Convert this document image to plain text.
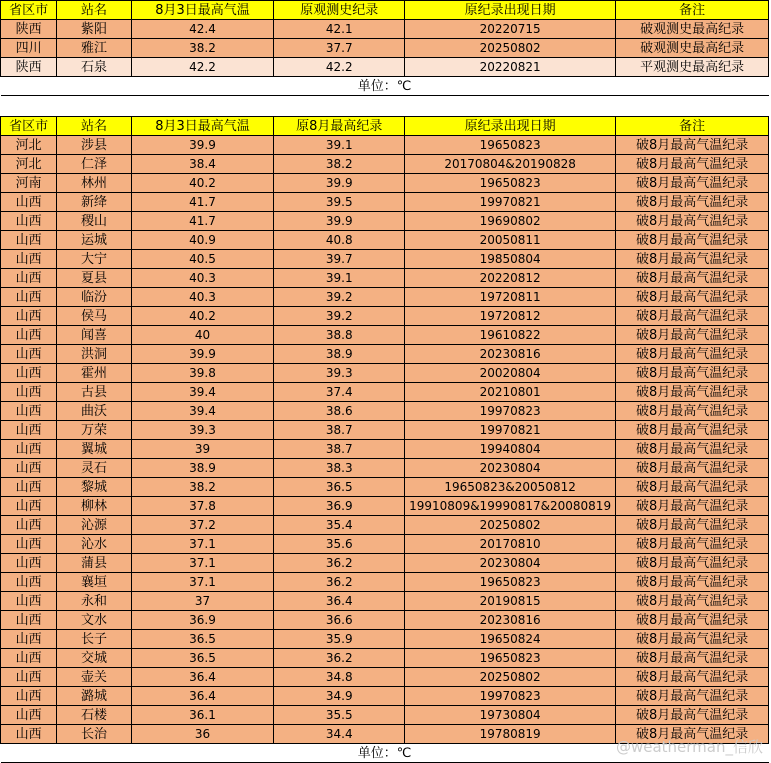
省区市	站名	8月3日最高气温	原观测史纪录	原纪录出现日期	备注
陕西	紫阳	42.4	42.1	20220715	破观测史最高纪录
四川	雅江	38.2	37.7	20250802	破观测史最高纪录
陕西	石泉	42.2	42.2	20220821	平观测史最高纪录
单位：℃					
省区市	站名	8月3日最高气温	原8月最高纪录	原纪录出现日期	备注
河北	涉县	39.9	39.1	19650823	破8月最高气温纪录
河北	仁泽	38.4	38.2	20170804&20190828	破8月最高气温纪录
河南	林州	40.2	39.9	19650823	破8月最高气温纪录
山西	新绛	41.7	39.5	19970821	破8月最高气温纪录
山西	稷山	41.7	39.9	19690802	破8月最高气温纪录
山西	运城	40.9	40.8	20050811	破8月最高气温纪录
山西	大宁	40.5	39.7	19850804	破8月最高气温纪录
山西	夏县	40.3	39.1	20220812	破8月最高气温纪录
山西	临汾	40.3	39.2	19720811	破8月最高气温纪录
山西	侯马	40.2	39.2	19720812	破8月最高气温纪录
山西	闻喜	40	38.8	19610822	破8月最高气温纪录
山西	洪洞	39.9	38.9	20230816	破8月最高气温纪录
山西	霍州	39.8	39.3	20020804	破8月最高气温纪录
山西	古县	39.4	37.4	20210801	破8月最高气温纪录
山西	曲沃	39.4	38.6	19970823	破8月最高气温纪录
山西	万荣	39.3	38.7	19970821	破8月最高气温纪录
山西	翼城	39	38.7	19940804	破8月最高气温纪录
山西	灵石	38.9	38.3	20230804	破8月最高气温纪录
山西	黎城	38.2	36.5	19650823&20050812	破8月最高气温纪录
山西	柳林	37.8	36.9	19910809&19990817&20080819	破8月最高气温纪录
山西	沁源	37.2	35.4	20250802	破8月最高气温纪录
山西	沁水	37.1	35.6	20170810	破8月最高气温纪录
山西	蒲县	37.1	36.2	20230804	破8月最高气温纪录
山西	襄垣	37.1	36.2	19650823	破8月最高气温纪录
山西	永和	37	36.4	20190815	破8月最高气温纪录
山西	文水	36.9	36.6	20230816	破8月最高气温纪录
山西	长子	36.5	35.9	19650824	破8月最高气温纪录
山西	交城	36.5	36.2	19650823	破8月最高气温纪录
山西	壶关	36.4	34.8	20250802	破8月最高气温纪录
山西	潞城	36.4	34.9	19970823	破8月最高气温纪录
山西	石楼	36.1	35.5	19730804	破8月最高气温纪录
山西	长治	36	34.4	19780819	破8月最高气温纪录
单位：℃						@weatherman_信欣
